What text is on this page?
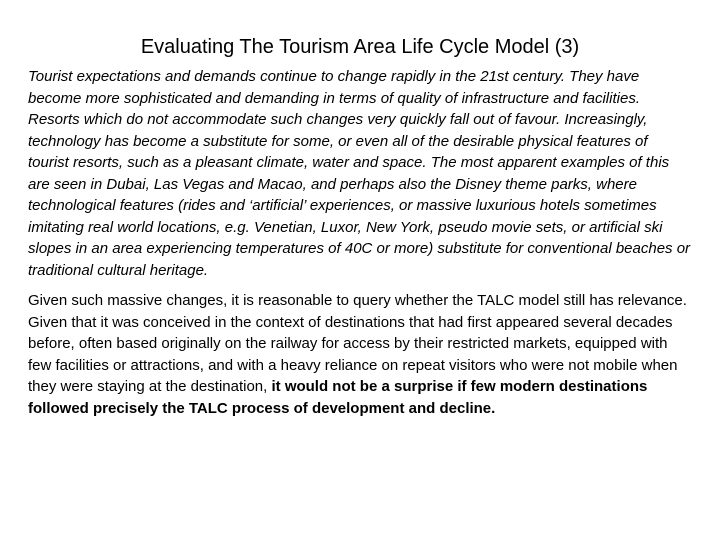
Evaluating The Tourism Area Life Cycle Model (3)

Tourist expectations and demands continue to change rapidly in the 21st century. They have become more sophisticated and demanding in terms of quality of infrastructure and facilities. Resorts which do not accommodate such changes very quickly fall out of favour. Increasingly, technology has become a substitute for some, or even all of the desirable physical features of tourist resorts, such as a pleasant climate, water and space. The most apparent examples of this are seen in Dubai, Las Vegas and Macao, and perhaps also the Disney theme parks, where technological features (rides and ‘artificial’ experiences, or massive luxurious hotels sometimes imitating real world locations, e.g. Venetian, Luxor, New York, pseudo movie sets, or artificial ski slopes in an area experiencing temperatures of 40C or more) substitute for conventional beaches or traditional cultural heritage.

Given such massive changes, it is reasonable to query whether the TALC model still has relevance. Given that it was conceived in the context of destinations that had first appeared several decades before, often based originally on the railway for access by their restricted markets, equipped with few facilities or attractions, and with a heavy reliance on repeat visitors who were not mobile when they were staying at the destination, it would not be a surprise if few modern destinations followed precisely the TALC process of development and decline.
